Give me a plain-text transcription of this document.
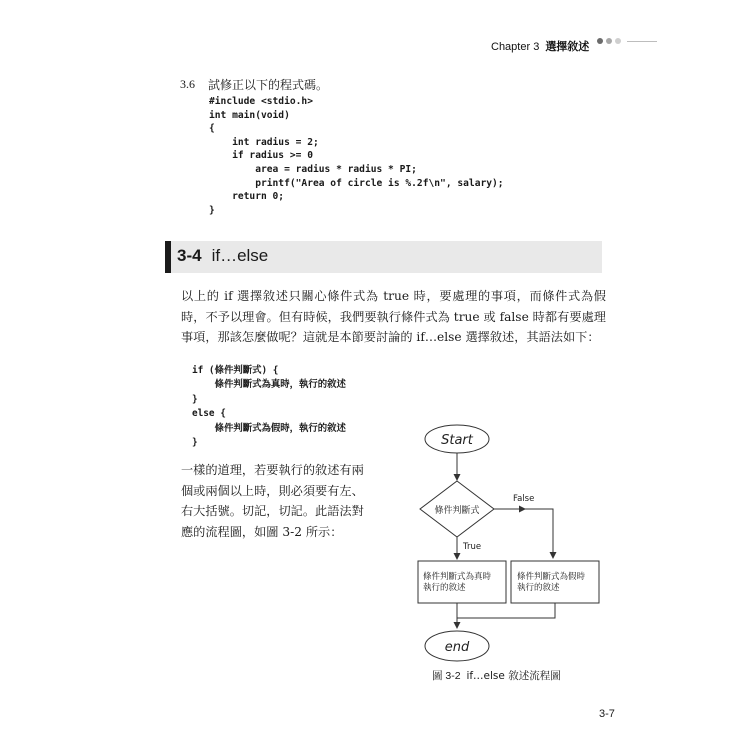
Chapter 3 選擇敘述
3.6 試修正以下的程式碼。
#include <stdio.h>
int main(void)
{
int radius = 2;
if radius >= 0
area = radius * radius * PI;
printf("Area of circle is %.2f\n", salary);
return 0;
}
3-4 if…else

以上的 if 選擇敘述只關心條件式為 true 時，要處理的事項，而條件式為假時，不予以理會。但有時候，我們要執行條件式為 true 或 false 時都有要處理事項，那該怎麼做呢？這就是本節要討論的 if…else 選擇敘述，其語法如下：

if (條件判斷式) {
條件判斷式為真時，執行的敘述
}
else {
條件判斷式為假時，執行的敘述
}

一樣的道理，若要執行的敘述有兩
個或兩個以上時，則必須要有左、
右大括號。切記，切記。此語法對
應的流程圖，如圖 3-2 所示：

Start
條件判斷式
False
True
條件判斷式為真時
執行的敘述
條件判斷式為假時
執行的敘述
end
圖 3-2 if…else 敘述流程圖
3-7
